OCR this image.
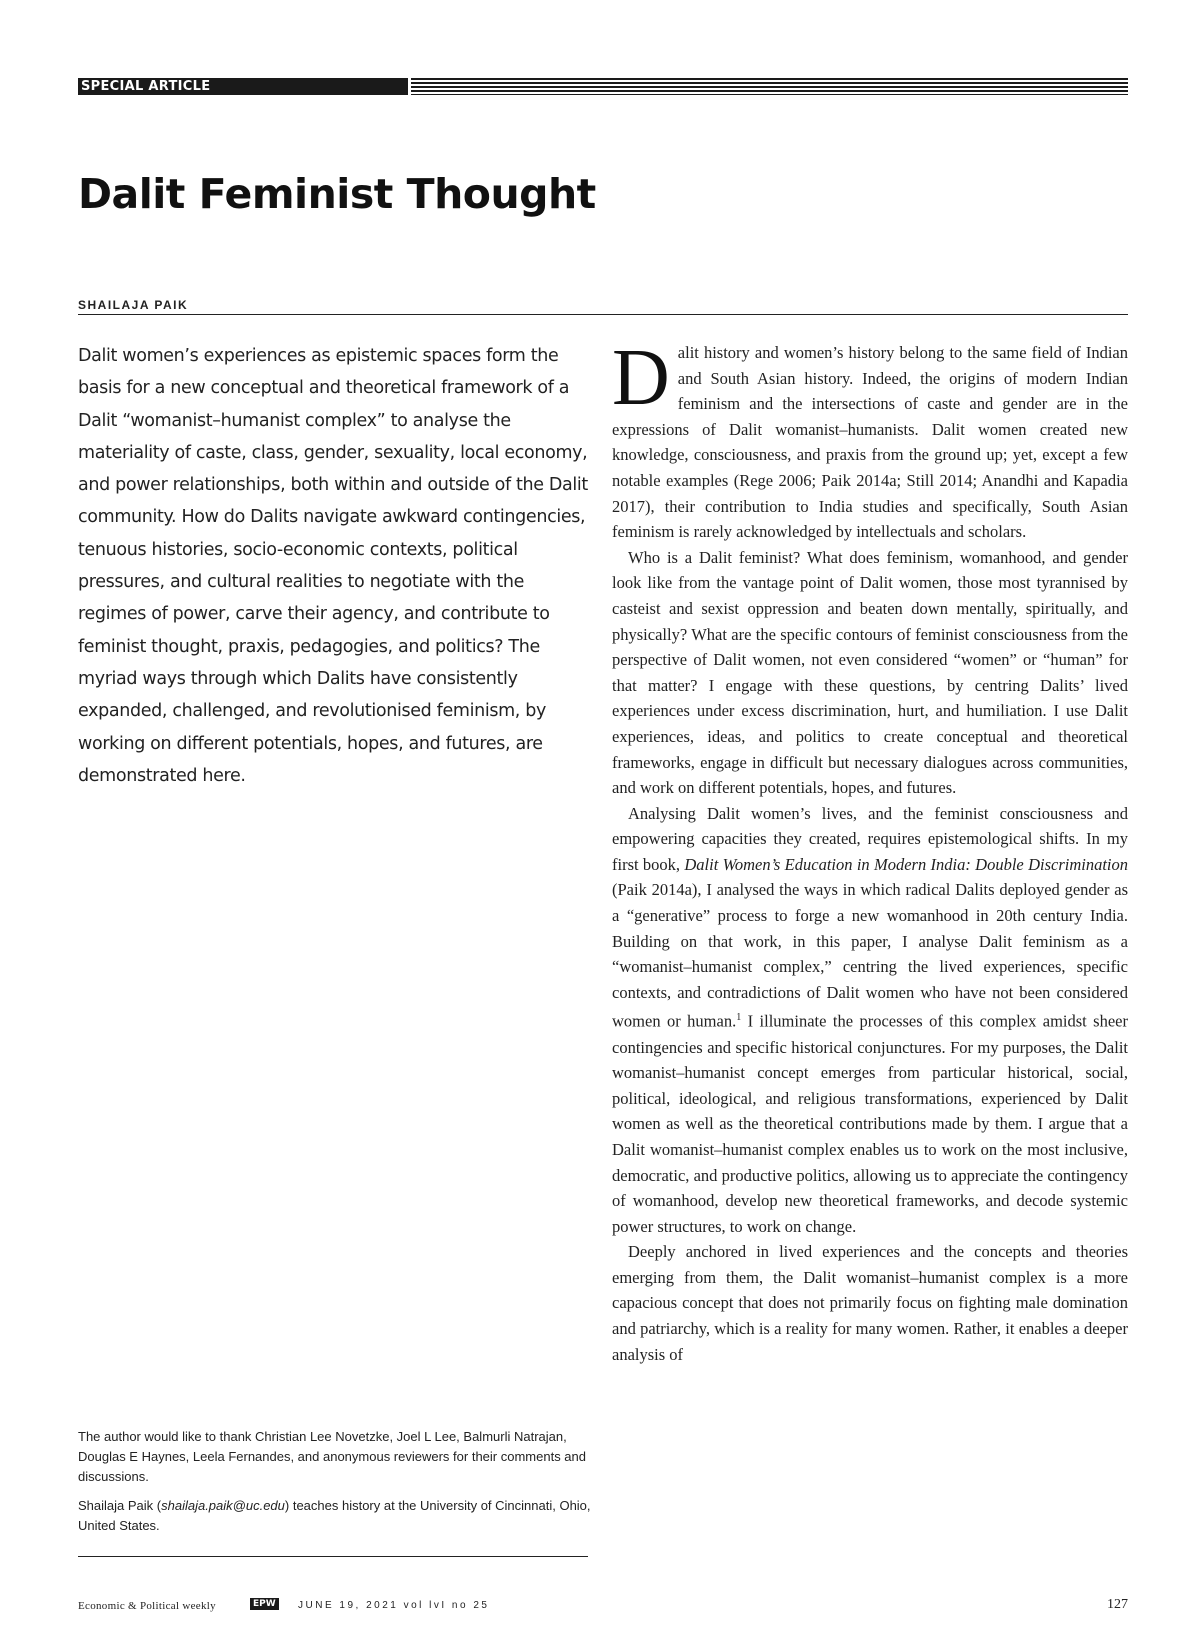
SPECIAL ARTICLE
Dalit Feminist Thought
SHAILAJA PAIK

Dalit women’s experiences as epistemic spaces form the basis for a new conceptual and theoretical framework of a Dalit “womanist–humanist complex” to analyse the materiality of caste, class, gender, sexuality, local economy, and power relationships, both within and outside of the Dalit community. How do Dalits navigate awkward contingencies, tenuous histories, socio-economic contexts, political pressures, and cultural realities to negotiate with the regimes of power, carve their agency, and contribute to feminist thought, praxis, pedagogies, and politics? The myriad ways through which Dalits have consistently expanded, challenged, and revolutionised feminism, by working on different potentials, hopes, and futures, are demonstrated here.

The author would like to thank Christian Lee Novetzke, Joel L Lee, Balmurli Natrajan, Douglas E Haynes, Leela Fernandes, and anonymous reviewers for their comments and discussions.

Shailaja Paik (shailaja.paik@uc.edu) teaches history at the University of Cincinnati, Ohio, United States.

Dalit history and women’s history belong to the same field of Indian and South Asian history. Indeed, the origins of modern Indian feminism and the intersections of caste and gender are in the expressions of Dalit womanist–humanists. Dalit women created new knowledge, consciousness, and praxis from the ground up; yet, except a few notable examples (Rege 2006; Paik 2014a; Still 2014; Anandhi and Kapadia 2017), their contribution to India studies and specifically, South Asian feminism is rarely acknowledged by intellectuals and scholars.

Who is a Dalit feminist? What does feminism, womanhood, and gender look like from the vantage point of Dalit women, those most tyrannised by casteist and sexist oppression and beaten down mentally, spiritually, and physically? What are the specific contours of feminist consciousness from the perspective of Dalit women, not even considered “women” or “human” for that matter? I engage with these questions, by centring Dalits’ lived experiences under excess discrimination, hurt, and humiliation. I use Dalit experiences, ideas, and politics to create conceptual and theoretical frameworks, engage in difficult but necessary dialogues across communities, and work on different potentials, hopes, and futures.

Analysing Dalit women’s lives, and the feminist consciousness and empowering capacities they created, requires epistemological shifts. In my first book, Dalit Women’s Education in Modern India: Double Discrimination (Paik 2014a), I analysed the ways in which radical Dalits deployed gender as a “generative” process to forge a new womanhood in 20th century India. Building on that work, in this paper, I analyse Dalit feminism as a “womanist–humanist complex,” centring the lived experiences, specific contexts, and contradictions of Dalit women who have not been considered women or human.$^1$ I illuminate the processes of this complex amidst sheer contingencies and specific historical conjunctures. For my purposes, the Dalit womanist–humanist concept emerges from particular historical, social, political, ideological, and religious transformations, experienced by Dalit women as well as the theoretical contributions made by them. I argue that a Dalit womanist–humanist complex enables us to work on the most inclusive, democratic, and productive politics, allowing us to appreciate the contingency of womanhood, develop new theoretical frameworks, and decode systemic power structures, to work on change.

Deeply anchored in lived experiences and the concepts and theories emerging from them, the Dalit womanist–humanist complex is a more capacious concept that does not primarily focus on fighting male domination and patriarchy, which is a reality for many women. Rather, it enables a deeper analysis of

Economic & Political weekly	EPW	JUNE 19, 2021 vol lvI no 25	127
